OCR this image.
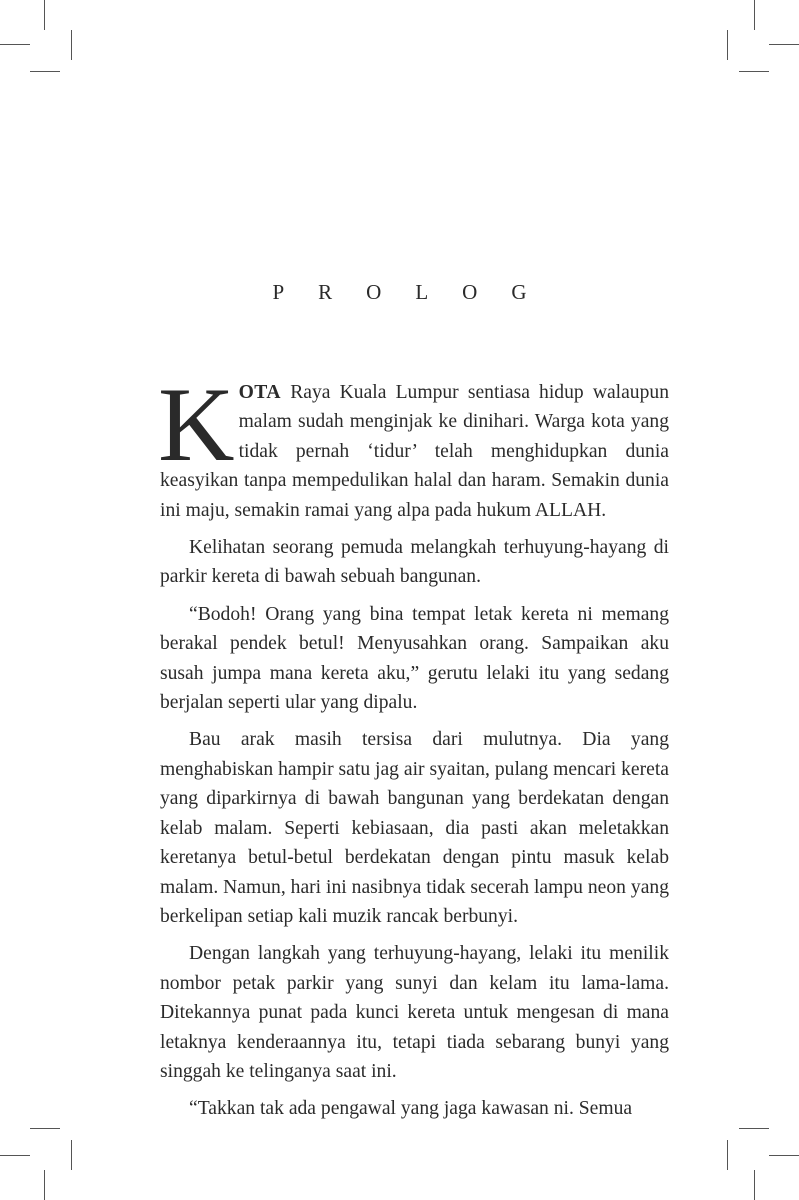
PROLOG

KOTA Raya Kuala Lumpur sentiasa hidup walaupun malam sudah menginjak ke dinihari. Warga kota yang tidak pernah ‘tidur’ telah menghidupkan dunia keasyikan tanpa mempedulikan halal dan haram. Semakin dunia ini maju, semakin ramai yang alpa pada hukum ALLAH.

Kelihatan seorang pemuda melangkah terhuyung-hayang di parkir kereta di bawah sebuah bangunan.

“Bodoh! Orang yang bina tempat letak kereta ni memang berakal pendek betul! Menyusahkan orang. Sampaikan aku susah jumpa mana kereta aku,” gerutu lelaki itu yang sedang berjalan seperti ular yang dipalu.

Bau arak masih tersisa dari mulutnya. Dia yang menghabiskan hampir satu jag air syaitan, pulang mencari kereta yang diparkirnya di bawah bangunan yang berdekatan dengan kelab malam. Seperti kebiasaan, dia pasti akan meletakkan keretanya betul-betul berdekatan dengan pintu masuk kelab malam. Namun, hari ini nasibnya tidak secerah lampu neon yang berkelipan setiap kali muzik rancak berbunyi.

Dengan langkah yang terhuyung-hayang, lelaki itu menilik nombor petak parkir yang sunyi dan kelam itu lama-lama. Ditekannya punat pada kunci kereta untuk mengesan di mana letaknya kenderaannya itu, tetapi tiada sebarang bunyi yang singgah ke telinganya saat ini.

“Takkan tak ada pengawal yang jaga kawasan ni. Semua
